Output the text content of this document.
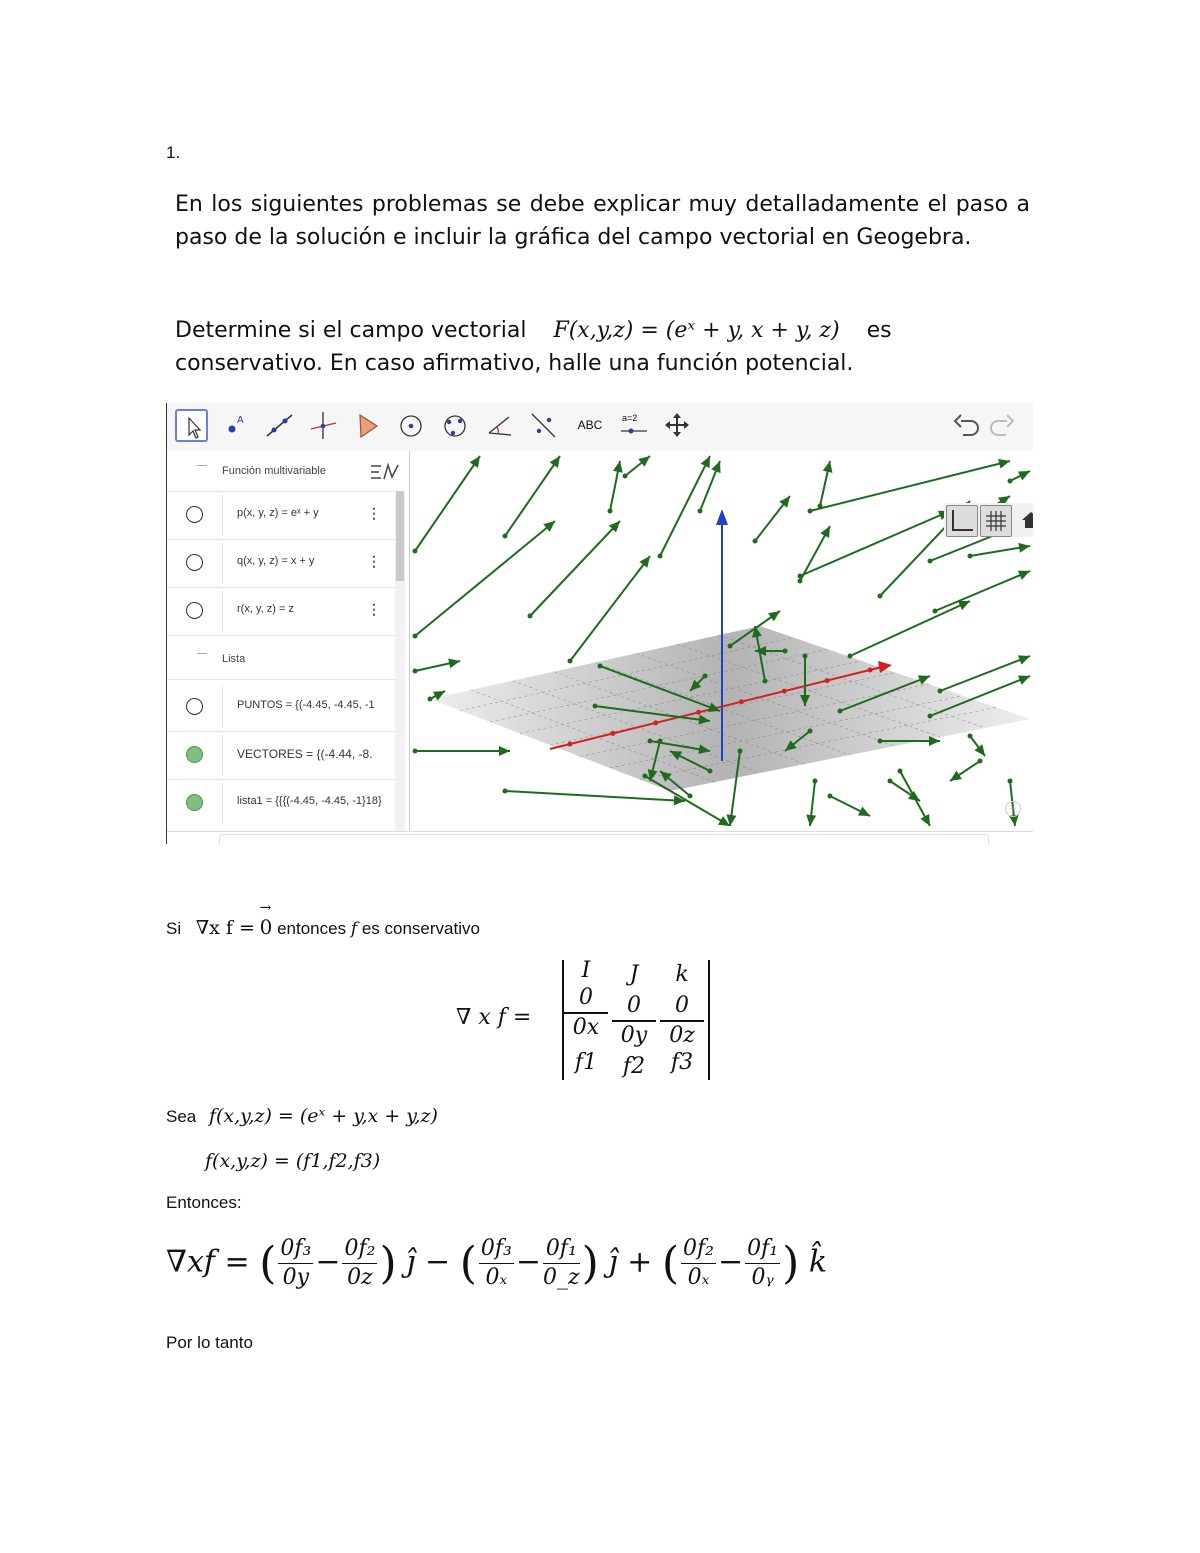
1.
En los siguientes problemas se debe explicar muy detalladamente el paso a paso de la solución e incluir la gráfica del campo vectorial en Geogebra.
Determine si el campo vectorial F(x,y,z) = (eˣ + y, x + y, z) es conservativo. En caso afirmativo, halle una función potencial.
A	ABC	a=2
Función multivariable
p(x, y, z) = eˣ + y	⋮
q(x, y, z) = x + y	⋮
r(x, y, z) = z	⋮
Lista
PUNTOS = {(-4.45, -4.45, -1
VECTORES = {(-4.44, -8.
lista1 = {{{(-4.45, -4.45, -1}18}
+
Si ∇x f =
→
0 entonces f es conservativo
∇ x f =
I	J	k
$\frac{0}{0x} \frac{0}{0y} \frac{0}{0z}$
f1	f2	f3
Sea f(x,y,z) = (eˣ + y,x + y,z)
f(x,y,z) = (f1,f2,f3)
Entonces:
∇xf = ( $\frac{\text{0f₃}}{0y} - \frac{\text{0f₂}}{0z}$ ) ĵ − ( $\frac{\text{0f₃}}{\text{0ₓ}} - \frac{\text{0f₁}}{0\_z}$ ) ĵ + ( $\frac{\text{0f₂}}{\text{0ₓ}} - \frac{\text{0f₁}}{\text{0ᵧ}}$ ) k̂
Por lo tanto
